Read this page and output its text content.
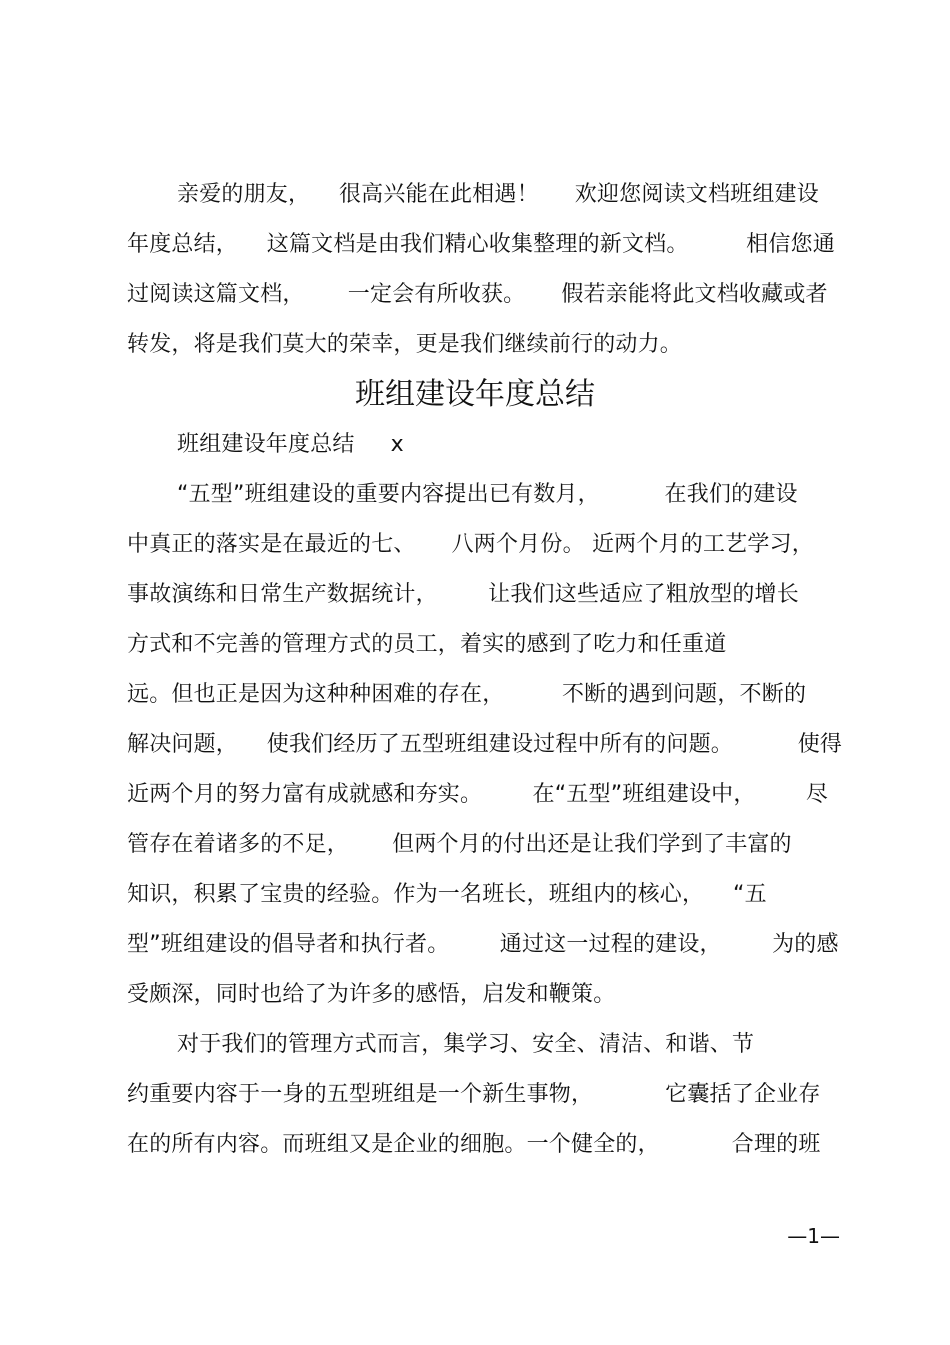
亲爱的朋友，    很高兴能在此相遇！     欢迎您阅读文档班组建设
年度总结，    这篇文档是由我们精心收集整理的新文档。        相信您通
过阅读这篇文档，      一定会有所收获。     假若亲能将此文档收藏或者
转发，将是我们莫大的荣幸，更是我们继续前行的动力。
班组建设年度总结
班组建设年度总结     x
“五型”班组建设的重要内容提出已有数月，         在我们的建设
中真正的落实是在最近的七、     八两个月份。 近两个月的工艺学习，
事故演练和日常生产数据统计，       让我们这些适应了粗放型的增长
方式和不完善的管理方式的员工，着实的感到了吃力和任重道
远。但也正是因为这种种困难的存在，        不断的遇到问题，不断的
解决问题，    使我们经历了五型班组建设过程中所有的问题。         使得
近两个月的努力富有成就感和夯实。       在“五型”班组建设中，       尽
管存在着诸多的不足，      但两个月的付出还是让我们学到了丰富的
知识，积累了宝贵的经验。作为一名班长，班组内的核心，    “五
型”班组建设的倡导者和执行者。       通过这一过程的建设，       为的感
受颇深，同时也给了为许多的感悟，启发和鞭策。
对于我们的管理方式而言，集学习、安全、清洁、和谐、节
约重要内容于一身的五型班组是一个新生事物，          它囊括了企业存
在的所有内容。而班组又是企业的细胞。一个健全的，          合理的班
—1—
